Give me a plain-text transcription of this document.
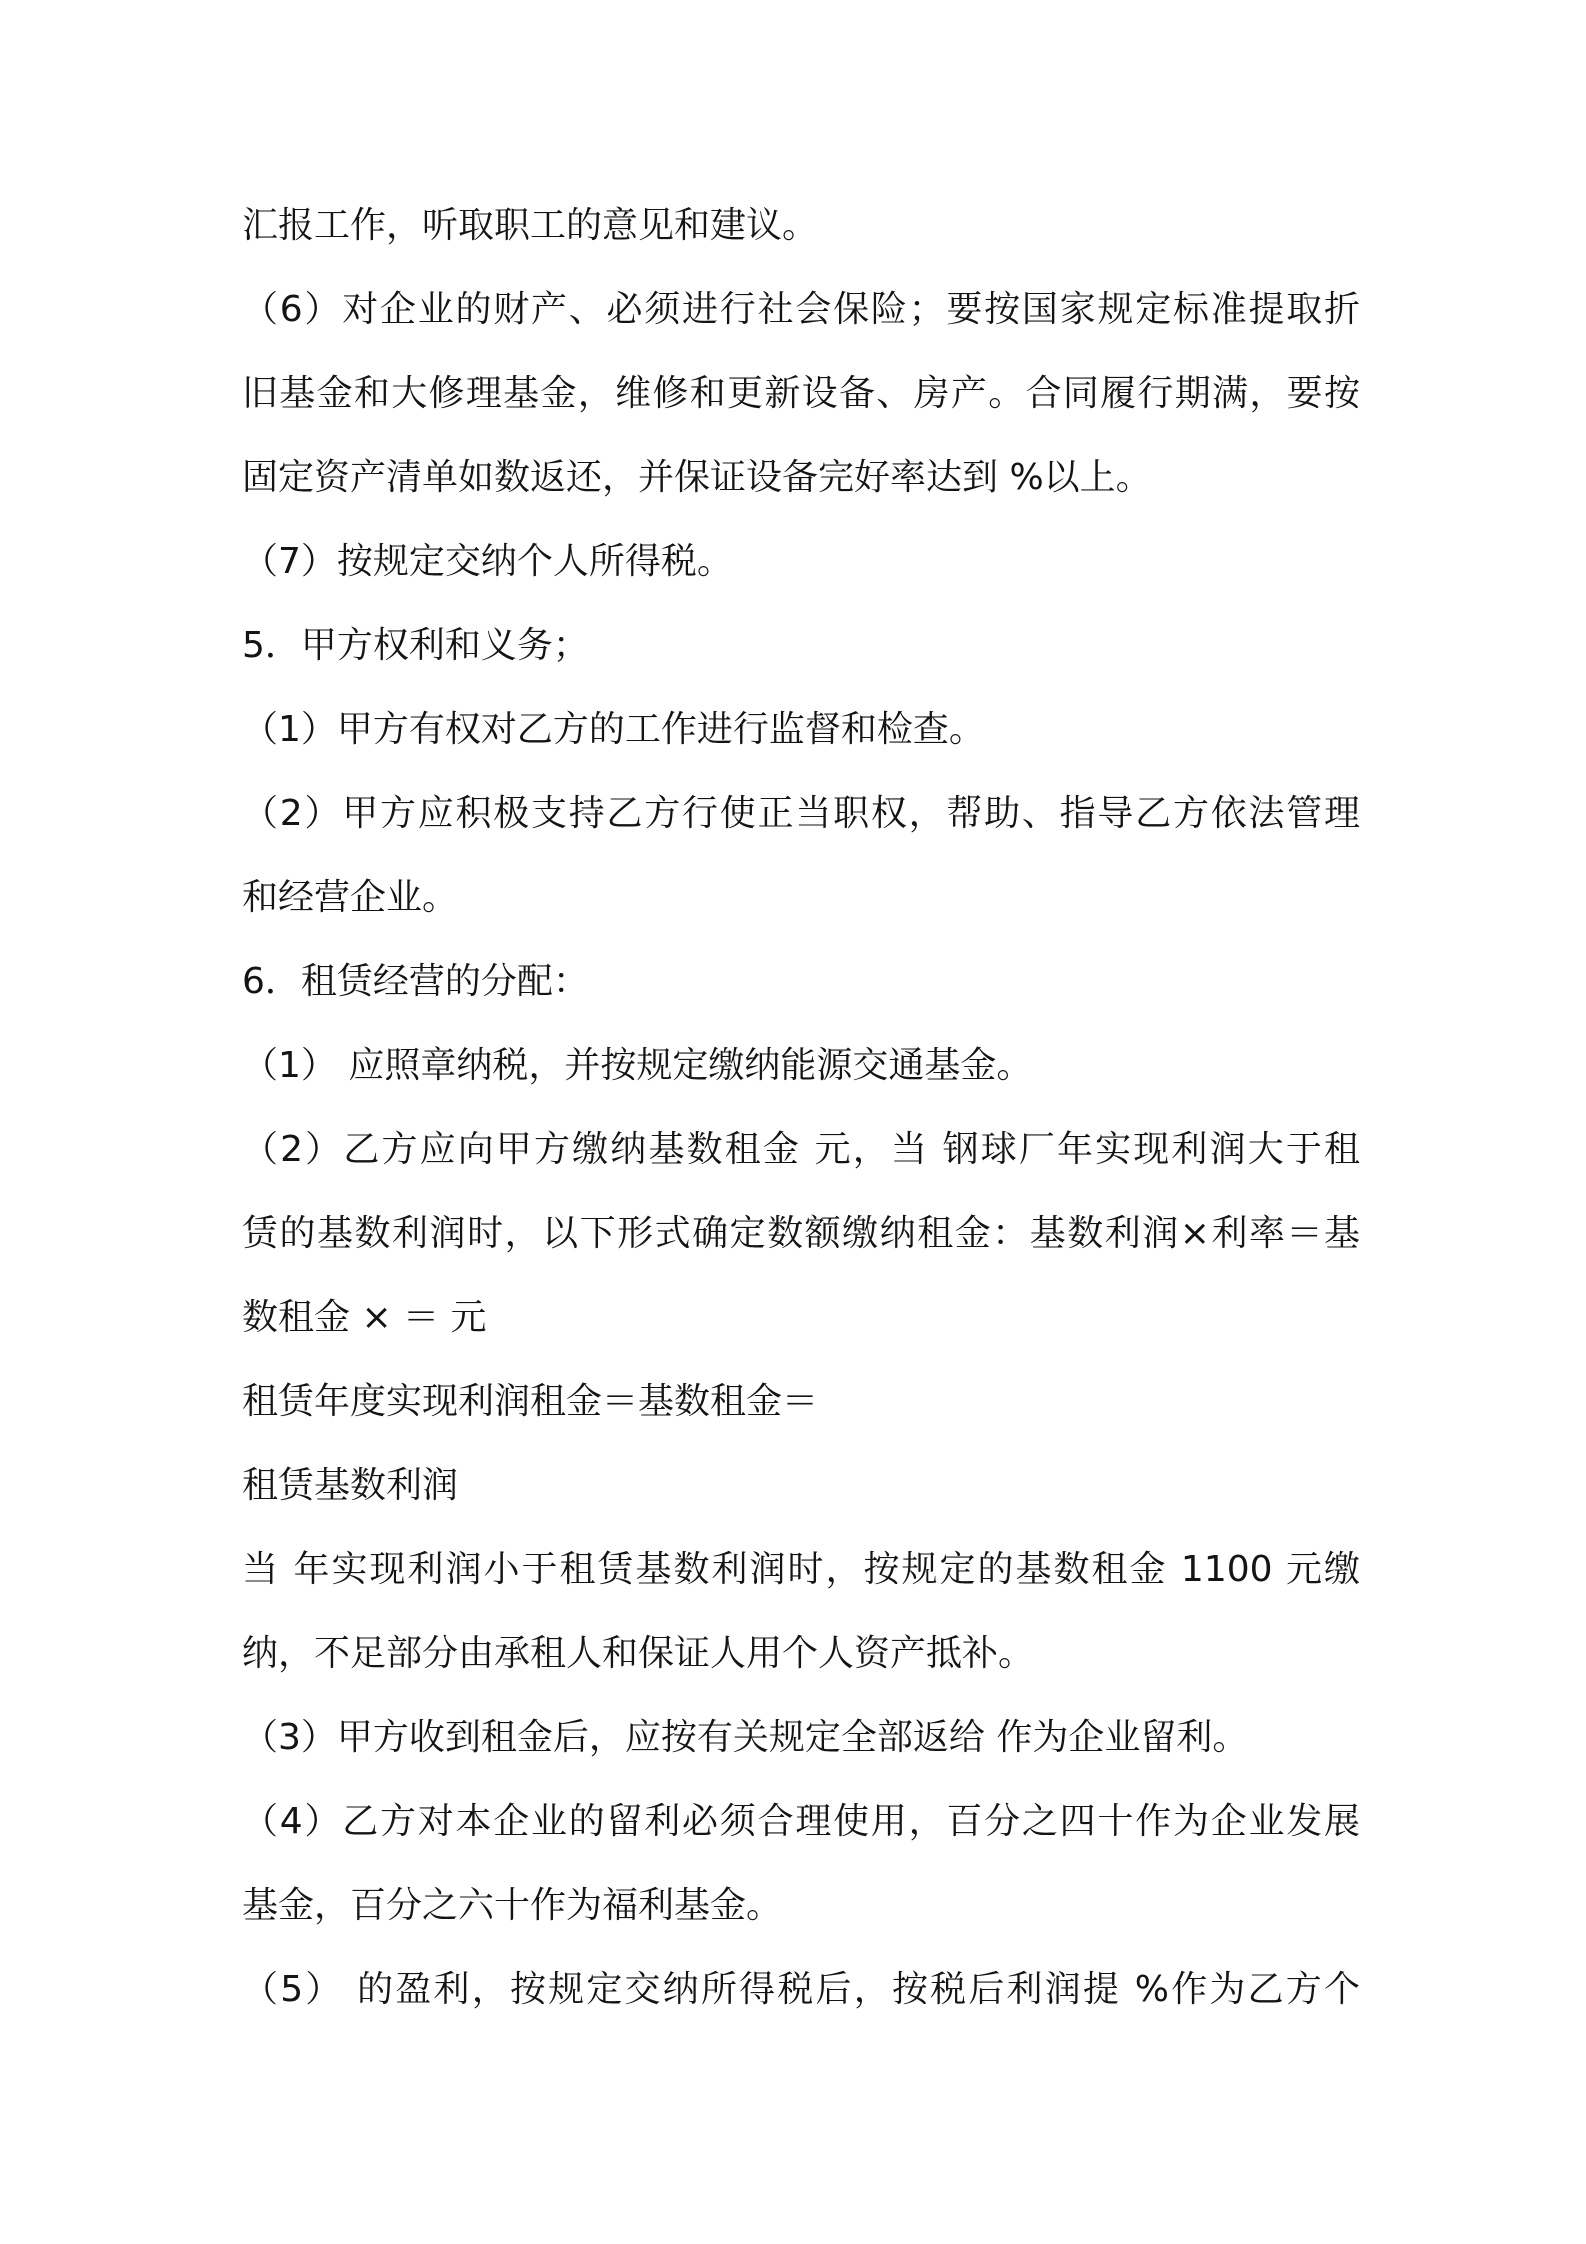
汇报工作，听取职工的意见和建议。
（6）对企业的财产、必须进行社会保险；要按国家规定标准提取折
旧基金和大修理基金，维修和更新设备、房产。合同履行期满，要按
固定资产清单如数返还，并保证设备完好率达到 %以上。
（7）按规定交纳个人所得税。
5．甲方权利和义务；
（1）甲方有权对乙方的工作进行监督和检查。
（2）甲方应积极支持乙方行使正当职权，帮助、指导乙方依法管理
和经营企业。
6．租赁经营的分配：
（1） 应照章纳税，并按规定缴纳能源交通基金。
（2）乙方应向甲方缴纳基数租金 元，当 钢球厂年实现利润大于租
赁的基数利润时，以下形式确定数额缴纳租金：基数利润×利率＝基
数租金 × ＝ 元
租赁年度实现利润租金＝基数租金＝
租赁基数利润
当 年实现利润小于租赁基数利润时，按规定的基数租金 1100 元缴
纳，不足部分由承租人和保证人用个人资产抵补。
（3）甲方收到租金后，应按有关规定全部返给 作为企业留利。
（4）乙方对本企业的留利必须合理使用，百分之四十作为企业发展
基金，百分之六十作为福利基金。
（5） 的盈利，按规定交纳所得税后，按税后利润提 %作为乙方个
